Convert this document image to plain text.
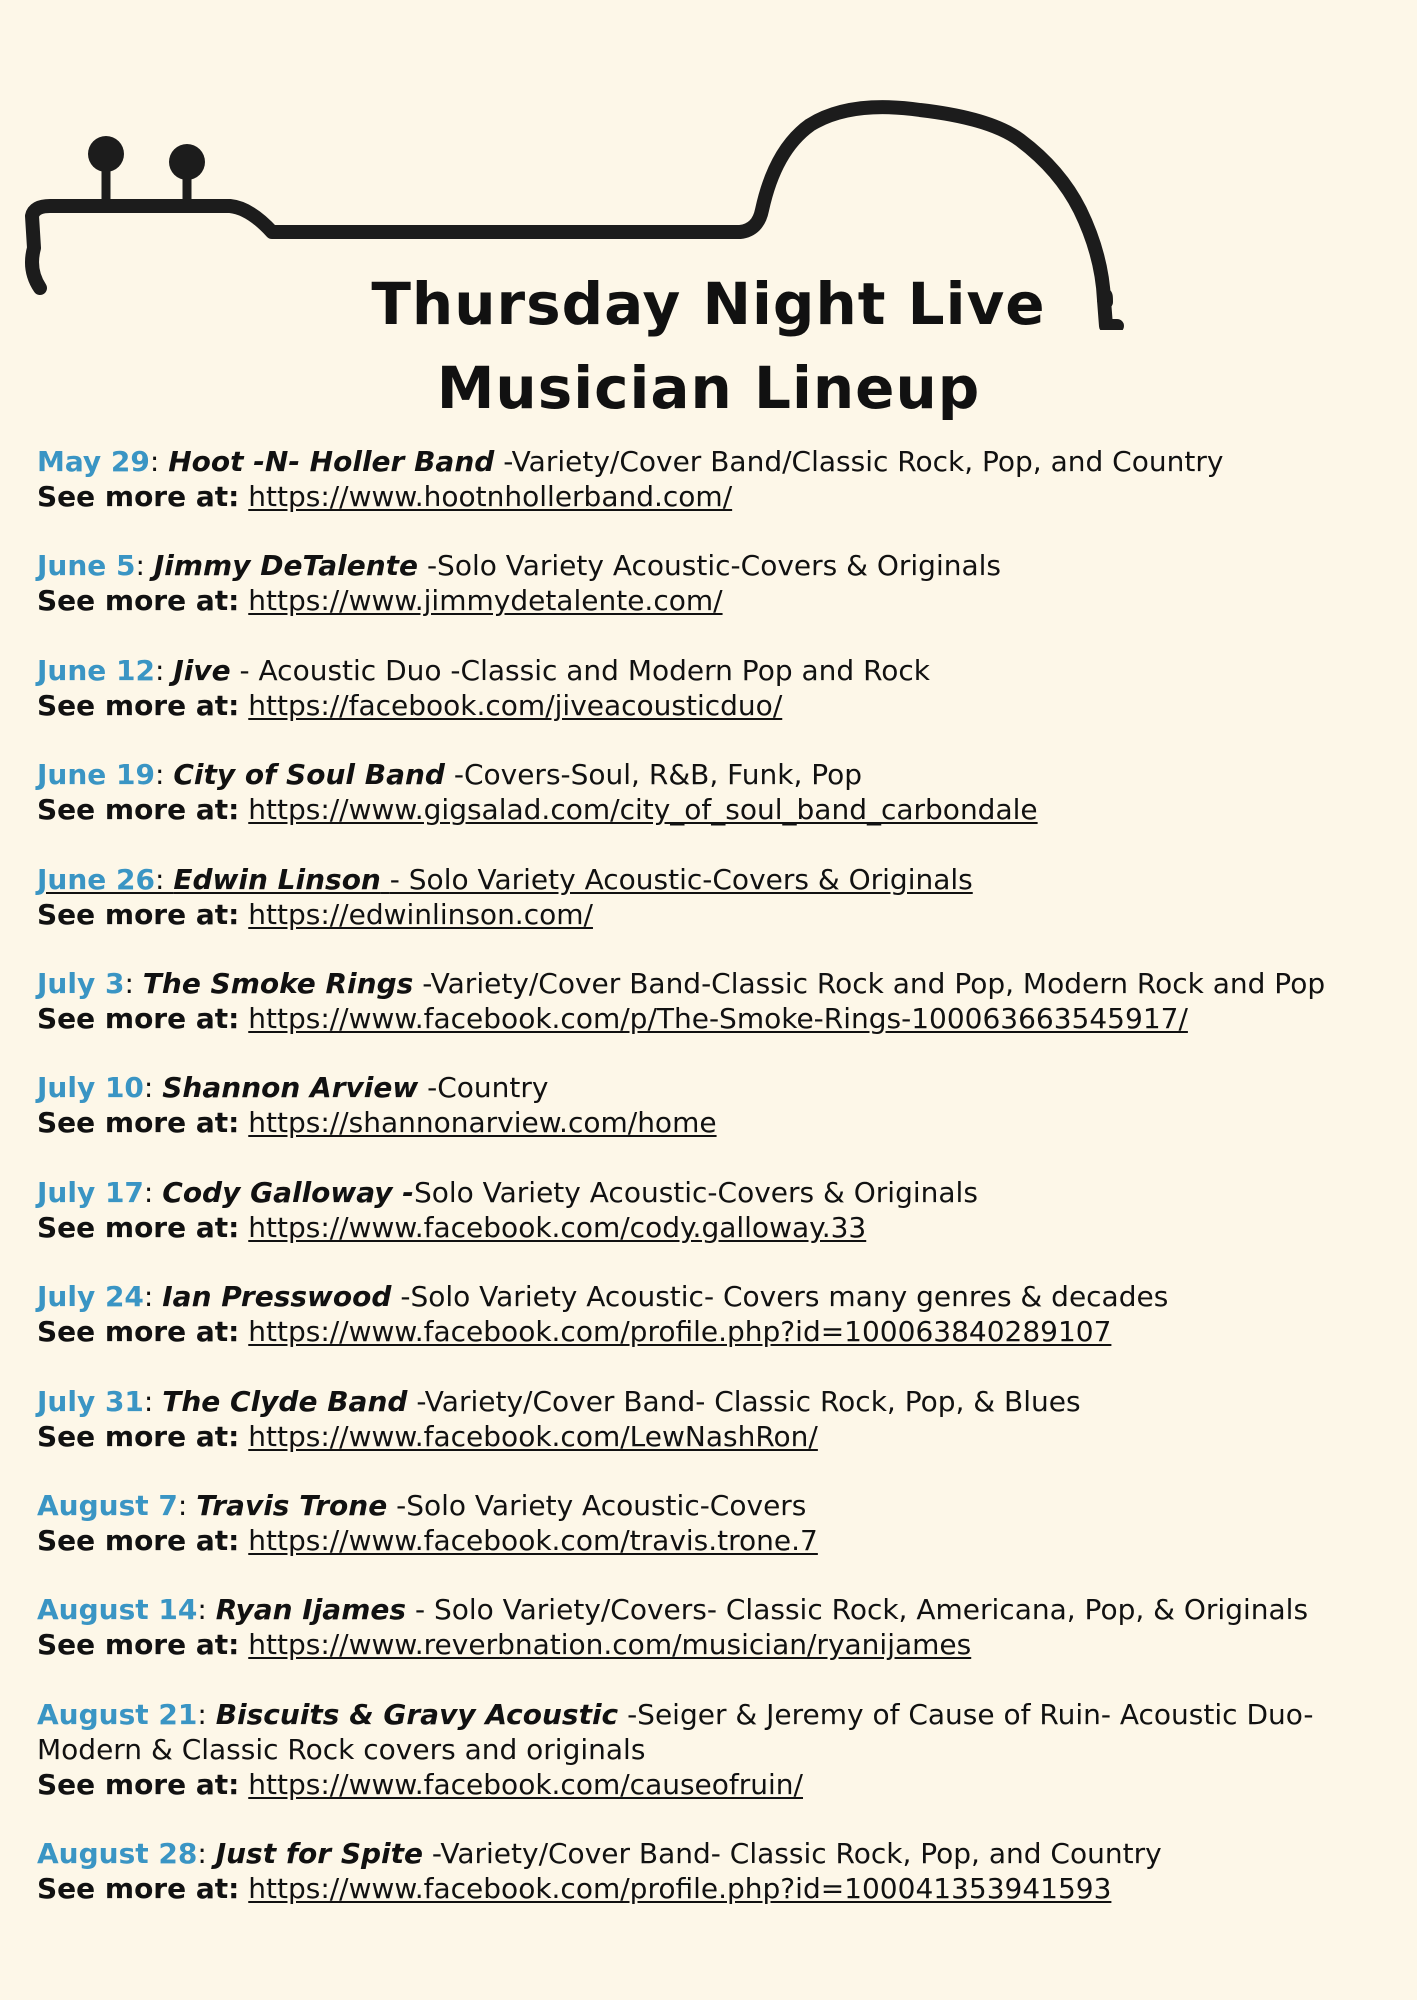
Thursday Night Live
Musician Lineup
May 29: Hoot -N- Holler Band -Variety/Cover Band/Classic Rock, Pop, and Country
See more at: https://www.hootnhollerband.com/
June 5: Jimmy DeTalente -Solo Variety Acoustic-Covers & Originals
See more at: https://www.jimmydetalente.com/
June 12: Jive - Acoustic Duo -Classic and Modern Pop and Rock
See more at: https://facebook.com/jiveacousticduo/
June 19: City of Soul Band -Covers-Soul, R&B, Funk, Pop
See more at: https://www.gigsalad.com/city_of_soul_band_carbondale
June 26: Edwin Linson - Solo Variety Acoustic-Covers & Originals
See more at: https://edwinlinson.com/
July 3: The Smoke Rings -Variety/Cover Band-Classic Rock and Pop, Modern Rock and Pop
See more at: https://www.facebook.com/p/The-Smoke-Rings-100063663545917/
July 10: Shannon Arview -Country
See more at: https://shannonarview.com/home
July 17: Cody Galloway -Solo Variety Acoustic-Covers & Originals
See more at: https://www.facebook.com/cody.galloway.33
July 24: Ian Presswood -Solo Variety Acoustic- Covers many genres & decades
See more at: https://www.facebook.com/profile.php?id=100063840289107
July 31: The Clyde Band -Variety/Cover Band- Classic Rock, Pop, & Blues
See more at: https://www.facebook.com/LewNashRon/
August 7: Travis Trone -Solo Variety Acoustic-Covers
See more at: https://www.facebook.com/travis.trone.7
August 14: Ryan Ijames - Solo Variety/Covers- Classic Rock, Americana, Pop, & Originals
See more at: https://www.reverbnation.com/musician/ryanijames
August 21: Biscuits & Gravy Acoustic -Seiger & Jeremy of Cause of Ruin- Acoustic Duo-
Modern & Classic Rock covers and originals
See more at: https://www.facebook.com/causeofruin/
August 28: Just for Spite -Variety/Cover Band- Classic Rock, Pop, and Country
See more at: https://www.facebook.com/profile.php?id=100041353941593
